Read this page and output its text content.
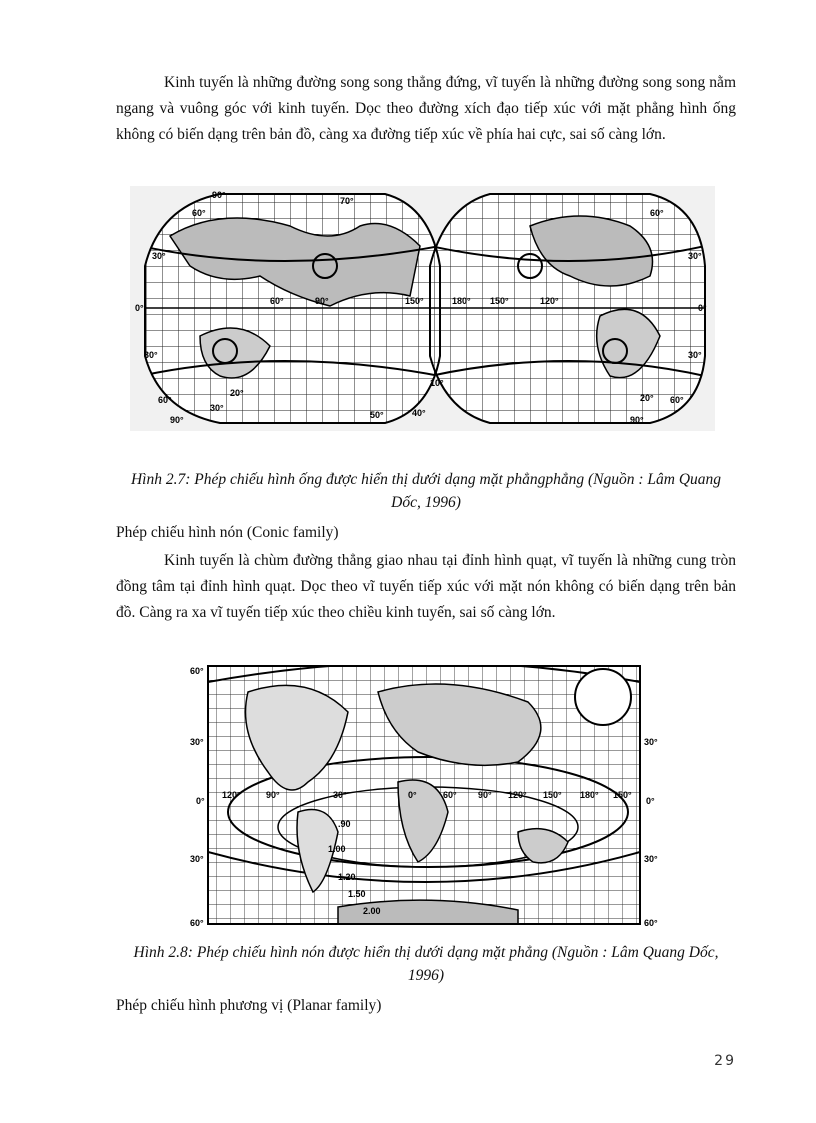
Kinh tuyến là những đường song song thẳng đứng, vĩ tuyến là những đường song song nằm ngang và vuông góc với kinh tuyến. Dọc theo đường xích đạo tiếp xúc với mặt phẳng hình ống không có biến dạng trên bản đồ, càng xa đường tiếp xúc về phía hai cực, sai số càng lớn.

90°
60°
30°
0°
30°
60°
90°
70°
60°	90°	150°	180° 150°	120°
60°
30°
0°
30°
60°
90°
20°
30°
10°
40°
50°
20°

Hình 2.7: Phép chiếu hình ống được hiển thị dưới dạng mặt phẳngphẳng (Nguồn : Lâm Quang Dốc, 1996)

Phép chiếu hình nón (Conic family)

Kinh tuyến là chùm đường thẳng giao nhau tại đỉnh hình quạt, vĩ tuyến là những cung tròn đồng tâm tại đỉnh hình quạt. Dọc theo vĩ tuyến tiếp xúc với mặt nón không có biến dạng trên bản đồ. Càng ra xa vĩ tuyến tiếp xúc theo chiều kinh tuyến, sai số càng lớn.

60°
30°
0°
30°
60°
30°
0°
30°
60°
120°	90°	30°	0°	60° 90° 120° 150° 180° 150°
.90
1.00
1.20
1.50
2.00

Hình 2.8: Phép chiếu hình nón được hiển thị dưới dạng mặt phẳng (Nguồn : Lâm Quang Dốc, 1996)

Phép chiếu hình phương vị (Planar family)

29
